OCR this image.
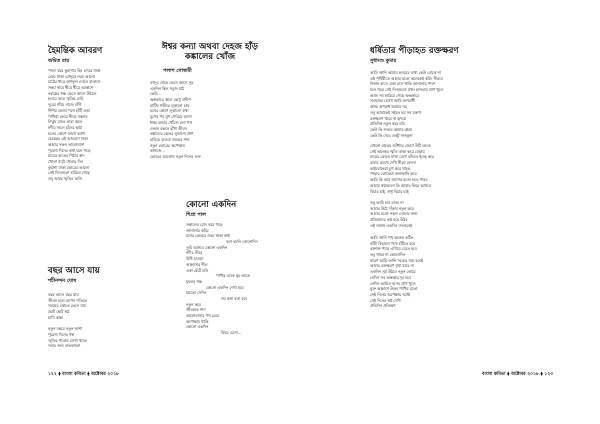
হৈমন্তিক আবরণ
অমিত রায়
পাতা ঝরে কুয়াশার হিম চাদরে ঢাকা
মেঘে ঢাকা রোদ্দুরে নরম আলো
মাঠের ধারে কাশফুল দোলে বাতাসে
সন্ধ্যা নামে ধীরে ধীরে আকাশে
নবান্নের গন্ধ ভেসে আসে উঠানে
হৃদয়ে জমে স্মৃতির ঢেউ
দূরের গাঁয়ে বাজে বাঁশি
শিশির ভেজা পথে হাঁটি একা
পাখিরা ফেরে নীড়ে সন্ধ্যায়
নিঝুম রাতে তারা জ্বলে
নদীর জলে চাঁদের ছায়া
মনের কোণে জাগে আশা
হেমন্তের এই আবরণে ঢাকা
আমার সকল ভালোবাসা
পুরনো দিনের কথা মনে পড়ে
মায়ের হাতের পিঠার স্বাদ
খোলা মাঠে খেলার দিন
কুয়াশা ঢাকা ভোরের আলো
সেই দিনগুলো হারিয়ে গেছে
তবু আছে স্মৃতির ডালি
ঈশ্বর কন্যা অথবা দেহজ হাঁড় কঙ্কালের খোঁজ
পলাশ গোস্বামী
বহুদূর থেকে ভেসে আসে সুর
একদিন ছিল সবুজ মাঠ
কেউ…
অন্ধকারে জ্বলে ছোট্ট প্রদীপ
মাটির গভীরে লুকানো হাড়
মনের কোণে লুকানো কথা
যুগের পর যুগ পেরিয়ে আসা
ঈশ্বর কন্যার খোঁজে চলা পথ
দেহজ বন্ধনে বাঁধা জীবন
কঙ্কালের ভেতর লুকানো প্রাণ
হারিয়ে যাওয়া সময়ের গান
নতুন ভোরের অপেক্ষায়
কাগজে…
ভোরের আলোয় নতুন দিনের শুরু
কোনো একদিন
শিপ্রা পাল
সকালের রোদ ঝরে পড়ে
জানালার কাঁচে
মনের ভেতরে জমে থাকা কথা
বলা হয়নি কোনোদিন
তুমি আসবে কোনো একদিন
নদীর তীরে
মিষ্টি হাওয়া
আকাশের নীল
একা হেঁটে চলি
পাখির ডাকে ঘুম ভাঙে
ফুলের গন্ধ
কোনো একদিন দেখা হবে
হয়তো সেদিন
সব কথা বলা হবে
নতুন করে
জীবনের গান
ভালোবাসার পথ চেয়ে
অপেক্ষায় থাকি
কোনো একদিন
ফিরে এসো…
বছর আসে যায়
শচীনন্দন ঘোষ
বছর আসে বছর যায়
জীবন চলে আপন গতিতে
সময়ের স্রোতে ভেসে যায়
ছোট ছোট স্বপ্ন
হাসি কান্না
নতুন বছরে নতুন আশা
পুরনো দিনের গল্প
স্মৃতির পাতায় লেখা থাকে
সবার জন্য শুভকামনা
১২২ ⧫ বাংলা কবিতা ⧫ অক্টোবর ২০১৮
ধর্ষিতার পীড়াহত রক্তক্ষরণ
সুধাংশু কুমার
আমি জানি আমার হৃদয়ের ব্যথা কেউ বোঝে না
এই পৃথিবীতে আমার মতো অনেকেই কাঁদে নীরবে
নির্জন রাতে একা বসে থাকি জানালার পাশে
মনে পড়ে সেই দিনগুলো যখন হাসতাম প্রাণ খুলে
আজ সব হারিয়ে গেছে অন্ধকারে
সমাজের চোখে আমি অপরাধী
অথচ অপরাধ আমার নয়
তবু আমাকেই সইতে হয় সব যন্ত্রণা
রক্তক্ষরণ থামে না হৃদয়ে
প্রতিদিন নতুন করে মরি
কেউ কি শুনবে আমার কান্না
কেউ কি দেবে একটু সান্ত্বনা
এখনো রাতের আঁধারে জেগে উঠি চমকে
সেই ভয়ংকর স্মৃতি তাড়া করে বেড়ায়
মায়ের কোলে মাথা রেখে কাঁদতে ইচ্ছে করে
বাবার চোখে দেখি নীরব বেদনা
ভাইবোনেরা চুপ করে থাকে
পাড়ার লোকেরা কানাকানি করে
আমি কি আর আগের মতো হতে পারব
আমার স্বপ্নগুলো কি আবার ফিরে আসবে
বিচার চাই, শুধু বিচার চাই
তবু আমি হার মানব না
আবার উঠে দাঁড়াব নতুন করে
আমার মতো সকল বোনের জন্য
প্রতিবাদের কণ্ঠ হয়ে উঠব
এই সমাজ একদিন বদলাবেই
আমি জানি পথ অনেক কঠিন
কাঁটা বিছানো পথে হাঁটতে হবে
রক্তাক্ত পায়ে এগিয়ে যেতে হবে
তবু থামব না কোনোদিন
কারণ আমি জানি সত্যের জয় হবেই
আমার রক্তক্ষরণ বৃথা যাবে না
একদিন সূর্য উঠবে নতুন ভোরে
সেদিন সব অন্ধকার দূর হবে
সেদিন আমিও হাসব প্রাণ খুলে
মুক্ত আকাশে উড়ব পাখির মতো
সেই দিনের অপেক্ষায় আছি
সেই দিনের স্বপ্ন দেখি
প্রতিদিন প্রতিক্ষণ
বাংলা কবিতা ⧫ অক্টোবর ২০১৮ ⧫ ১২৩
